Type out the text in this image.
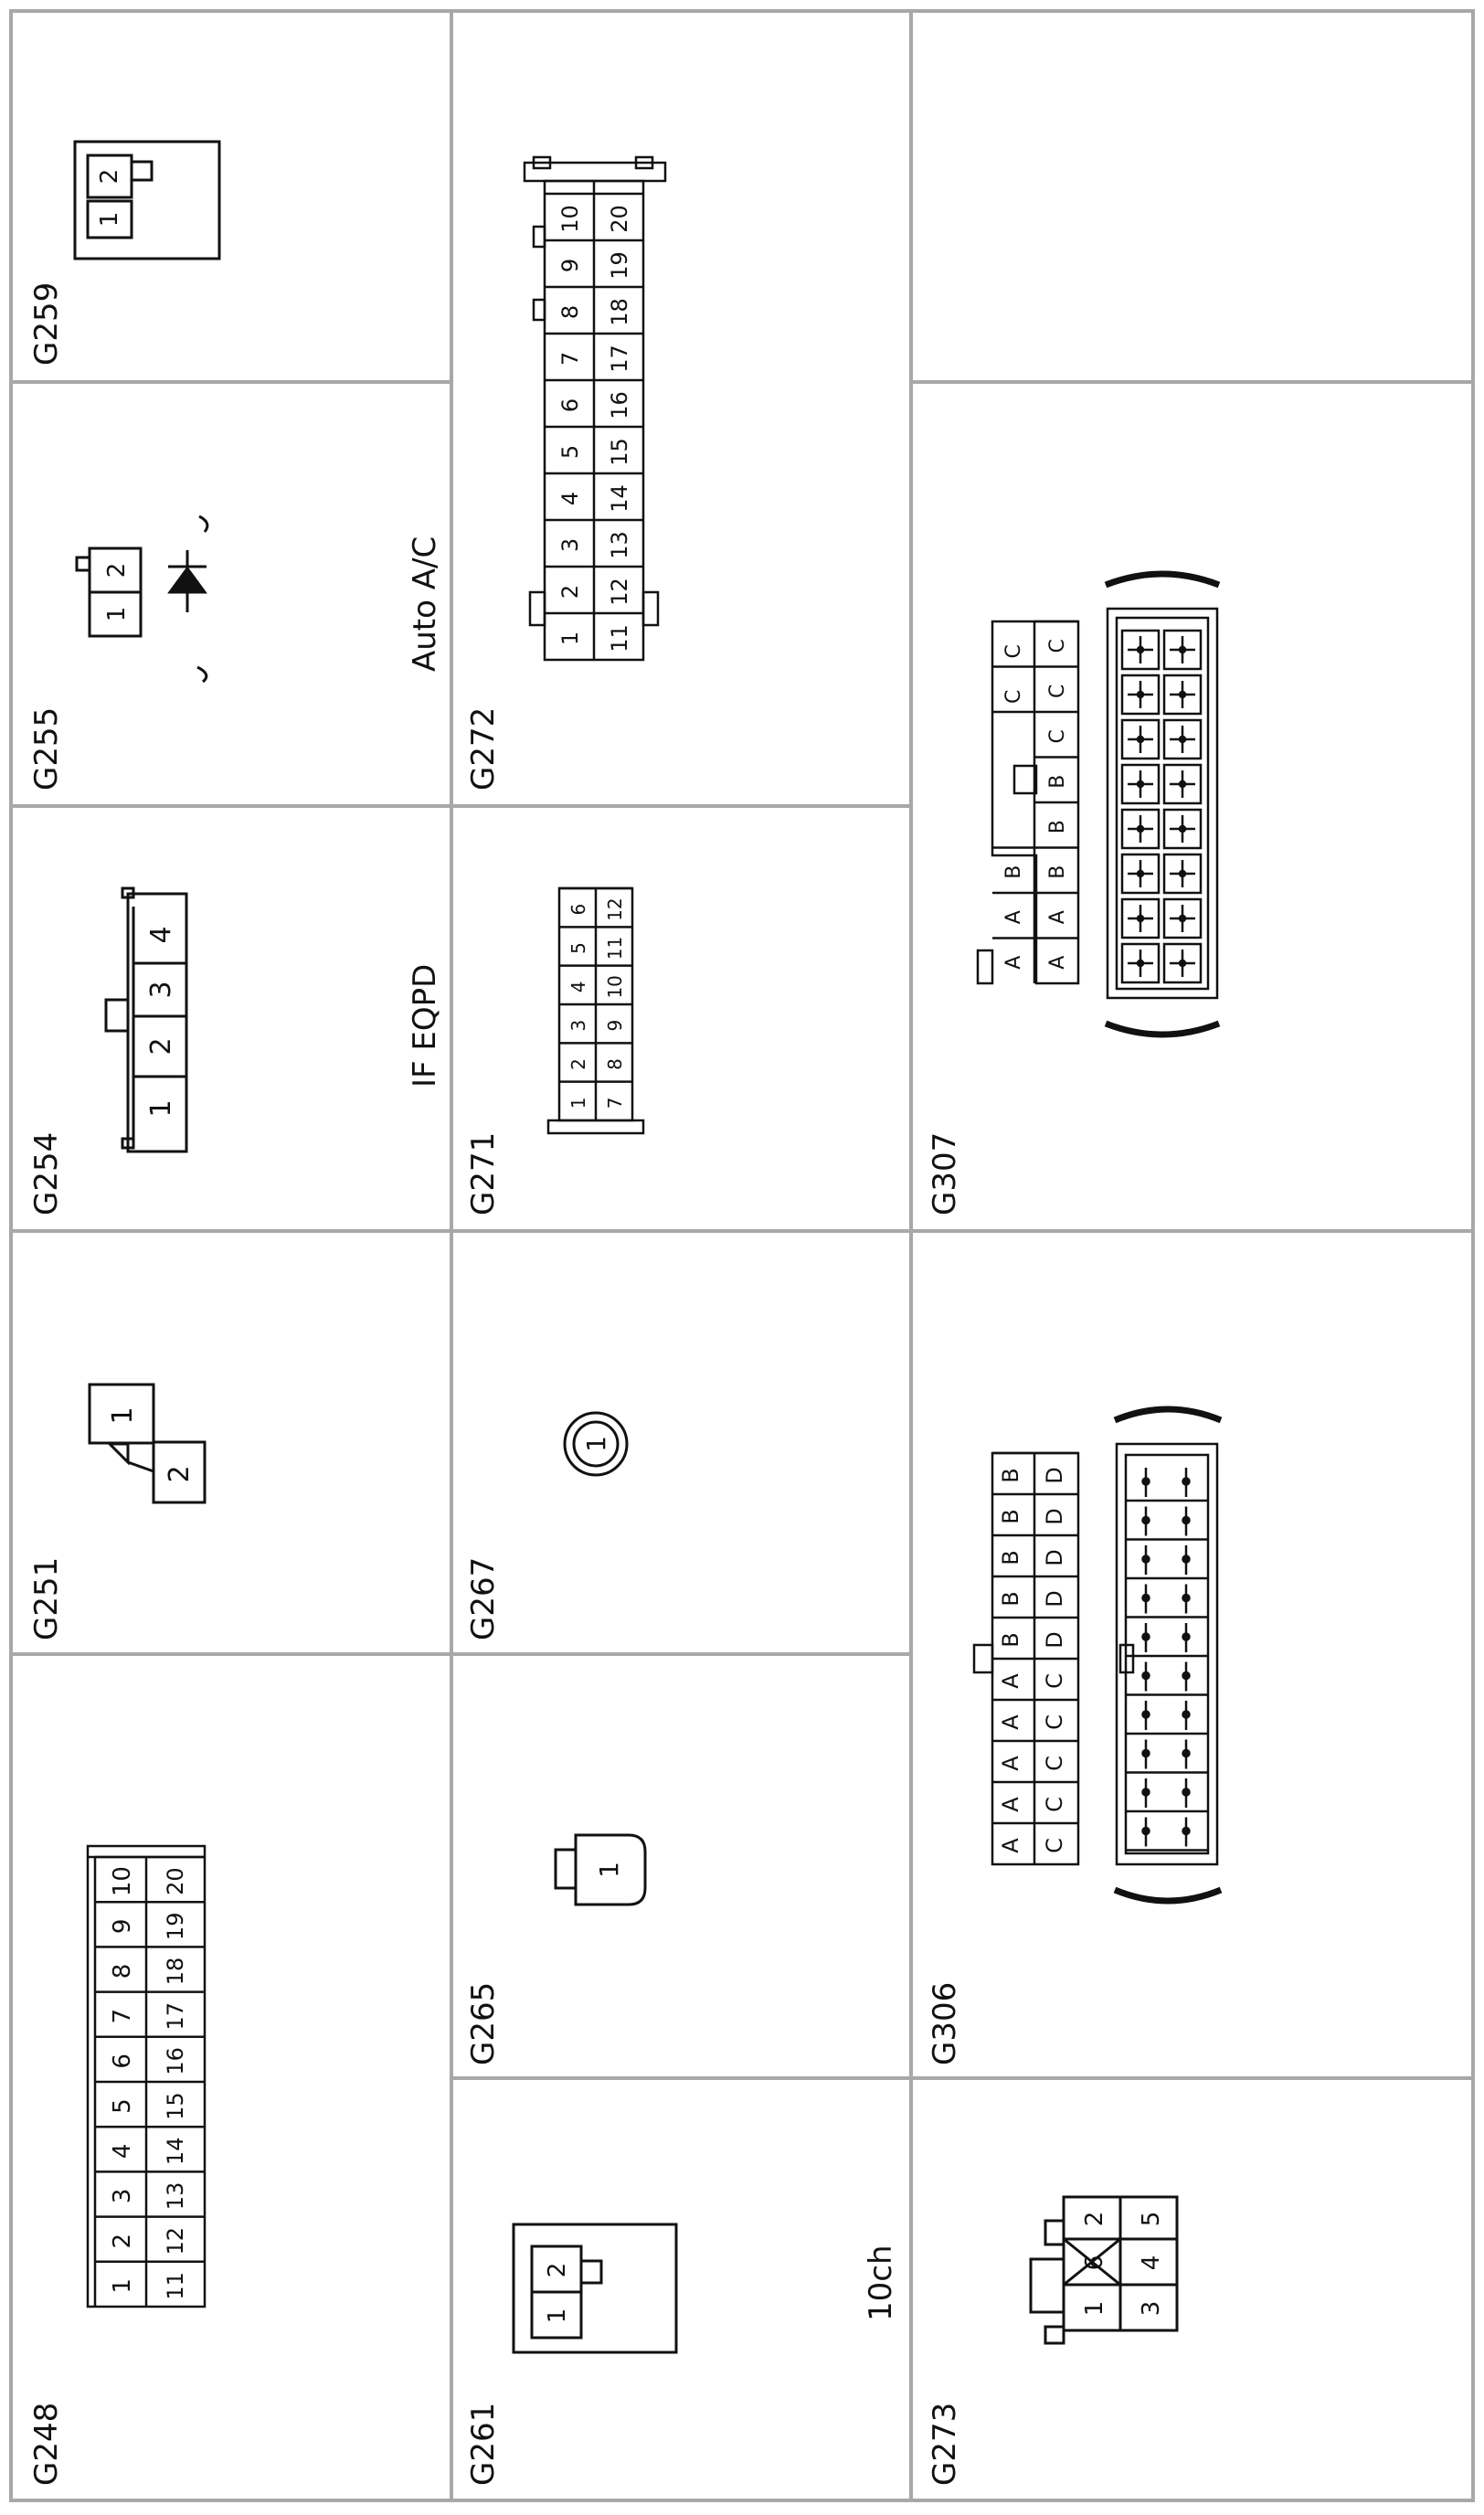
G259
G255
G254
G251
G248
G272
G271
G267
G265
G261
G307
G306
G273
Auto A/C
IF EQPD
10ch
1
2
1
2
1
2
3
4
1
2
1 11
2 12
3 13
4 14
5 15
6 16
7 17
8 18
9 19
10 20
1 11
2 12
3 13
4 14
5 15
6 16
7 17
8 18
9 19
10 20
1 7
2 8
3 9
4 10
5 11
6 12
1
1
1
2
A
A
B
B
B
C
C
C
A
A
B
C
C
A C
A C
A C
A C
A C
B D
B D
B D
B D
B D
1
2
3
4
5
6
